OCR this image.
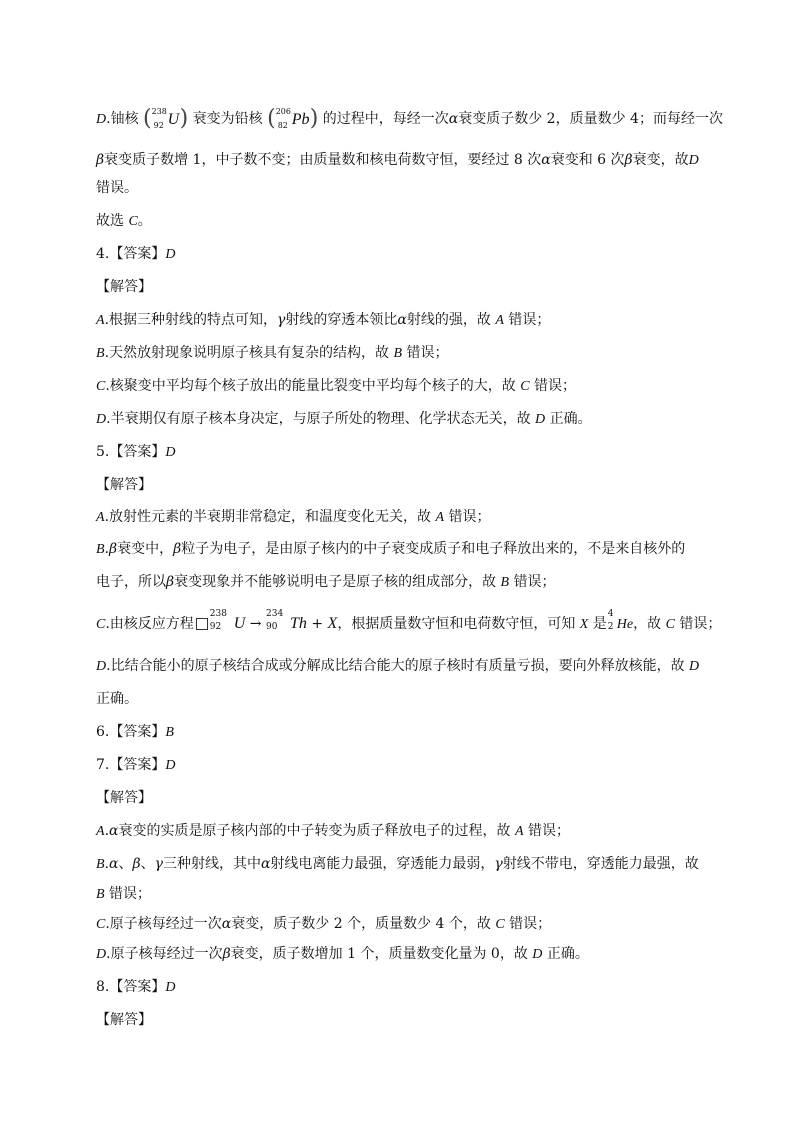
D.铀核 ( 238
92 U ) 衰变为铅核 ( 206
82 Pb ) 的过程中，每经一次α衰变质子数少 2，质量数少 4；而每经一次
β衰变质子数增 1，中子数不变；由质量数和核电荷数守恒，要经过 8 次α衰变和 6 次β衰变，故D
错误。
故选 C。
4.【答案】D
【解答】
A.根据三种射线的特点可知，γ射线的穿透本领比α射线的强，故 A 错误；
B.天然放射现象说明原子核具有复杂的结构，故 B 错误；
C.核聚变中平均每个核子放出的能量比裂变中平均每个核子的大，故 C 错误；
D.半衰期仅有原子核本身决定，与原子所处的物理、化学状态无关，故 D 正确。
5.【答案】D
【解答】
A.放射性元素的半衰期非常稳定，和温度变化无关，故 A 错误；
B.β衰变中，β粒子为电子，是由原子核内的中子衰变成质子和电子释放出来的，不是来自核外的
电子，所以β衰变现象并不能够说明电子是原子核的组成部分，故 B 错误；
C.由核反应方程
238
92 U →
234
90 Th + X，根据质量数守恒和电荷数守恒，可知 X 是
4
2 He，故 C 错误；
D.比结合能小的原子核结合成或分解成比结合能大的原子核时有质量亏损，要向外释放核能，故 D
正确。
6.【答案】B
7.【答案】D
【解答】
A.α衰变的实质是原子核内部的中子转变为质子释放电子的过程，故 A 错误；
B.α、β、γ三种射线，其中α射线电离能力最强，穿透能力最弱，γ射线不带电，穿透能力最强，故
B 错误；
C.原子核每经过一次α衰变，质子数少 2 个，质量数少 4 个，故 C 错误；
D.原子核每经过一次β衰变，质子数增加 1 个，质量数变化量为 0，故 D 正确。
8.【答案】D
【解答】
